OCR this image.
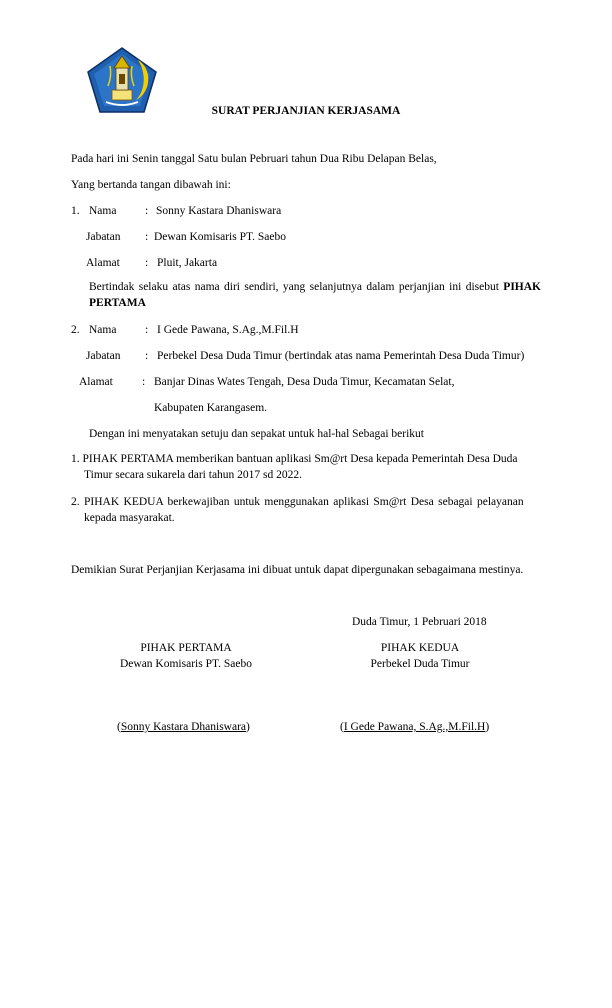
SURAT PERJANJIAN KERJASAMA
Pada hari ini Senin tanggal Satu bulan Pebruari tahun Dua Ribu Delapan Belas,
Yang bertanda tangan dibawah ini:
1. Nama : Sonny Kastara Dhaniswara
Jabatan : Dewan Komisaris PT. Saebo
Alamat : Pluit, Jakarta
Bertindak selaku atas nama diri sendiri, yang selanjutnya dalam perjanjian ini disebut PIHAK PERTAMA
2. Nama : I Gede Pawana, S.Ag.,M.Fil.H
Jabatan : Perbekel Desa Duda Timur (bertindak atas nama Pemerintah Desa Duda Timur)
Alamat	: Banjar Dinas Wates Tengah, Desa Duda Timur, Kecamatan Selat,
Kabupaten Karangasem.
Dengan ini menyatakan setuju dan sepakat untuk hal-hal Sebagai berikut
1. PIHAK PERTAMA memberikan bantuan aplikasi Sm@rt Desa kepada Pemerintah Desa Duda
Timur secara sukarela dari tahun 2017 sd 2022.
2. PIHAK KEDUA berkewajiban untuk menggunakan aplikasi Sm@rt Desa sebagai pelayanan
kepada masyarakat.
Demikian Surat Perjanjian Kerjasama ini dibuat untuk dapat dipergunakan sebagaimana mestinya.
Duda Timur, 1 Pebruari 2018
PIHAK PERTAMA
Dewan Komisaris PT. Saebo
PIHAK KEDUA
Perbekel Duda Timur
(Sonny Kastara Dhaniswara)	(I Gede Pawana, S.Ag.,M.Fil.H)
